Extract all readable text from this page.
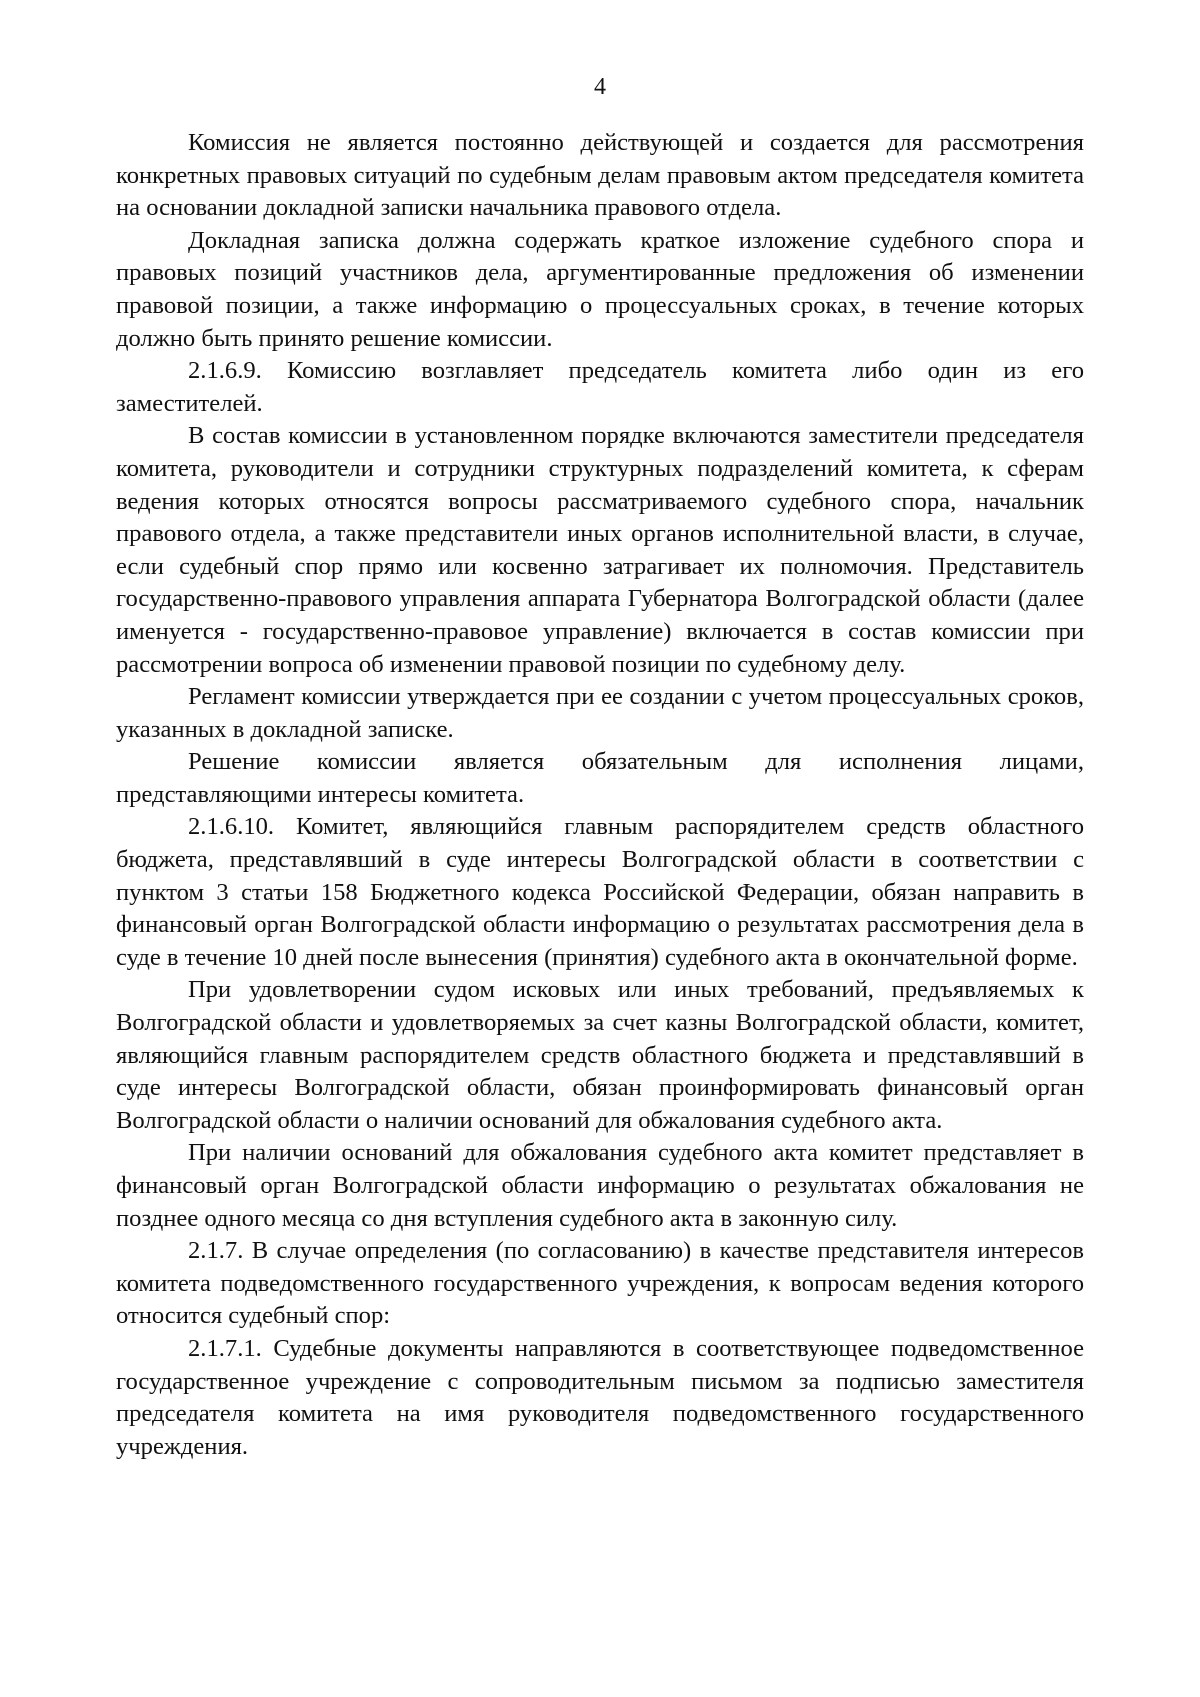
4

Комиссия не является постоянно действующей и создается для рассмотрения конкретных правовых ситуаций по судебным делам правовым актом председателя комитета на основании докладной записки начальника правового отдела.

Докладная записка должна содержать краткое изложение судебного спора и правовых позиций участников дела, аргументированные предложения об изменении правовой позиции, а также информацию о процессуальных сроках, в течение которых должно быть принято решение комиссии.

2.1.6.9. Комиссию возглавляет председатель комитета либо один из его заместителей.

В состав комиссии в установленном порядке включаются заместители председателя комитета, руководители и сотрудники структурных подразделений комитета, к сферам ведения которых относятся вопросы рассматриваемого судебного спора, начальник правового отдела, а также представители иных органов исполнительной власти, в случае, если судебный спор прямо или косвенно затрагивает их полномочия. Представитель государственно-правового управления аппарата Губернатора Волгоградской области (далее именуется - государственно-правовое управление) включается в состав комиссии при рассмотрении вопроса об изменении правовой позиции по судебному делу.

Регламент комиссии утверждается при ее создании с учетом процессуальных сроков, указанных в докладной записке.

Решение комиссии является обязательным для исполнения лицами, представляющими интересы комитета.

2.1.6.10. Комитет, являющийся главным распорядителем средств областного бюджета, представлявший в суде интересы Волгоградской области в соответствии с пунктом 3 статьи 158 Бюджетного кодекса Российской Федерации, обязан направить в финансовый орган Волгоградской области информацию о результатах рассмотрения дела в суде в течение 10 дней после вынесения (принятия) судебного акта в окончательной форме.

При удовлетворении судом исковых или иных требований, предъявляемых к Волгоградской области и удовлетворяемых за счет казны Волгоградской области, комитет, являющийся главным распорядителем средств областного бюджета и представлявший в суде интересы Волгоградской области, обязан проинформировать финансовый орган Волгоградской области о наличии оснований для обжалования судебного акта.

При наличии оснований для обжалования судебного акта комитет представляет в финансовый орган Волгоградской области информацию о результатах обжалования не позднее одного месяца со дня вступления судебного акта в законную силу.

2.1.7. В случае определения (по согласованию) в качестве представителя интересов комитета подведомственного государственного учреждения, к вопросам ведения которого относится судебный спор:

2.1.7.1. Судебные документы направляются в соответствующее подведомственное государственное учреждение с сопроводительным письмом за подписью заместителя председателя комитета на имя руководителя подведомственного государственного учреждения.
